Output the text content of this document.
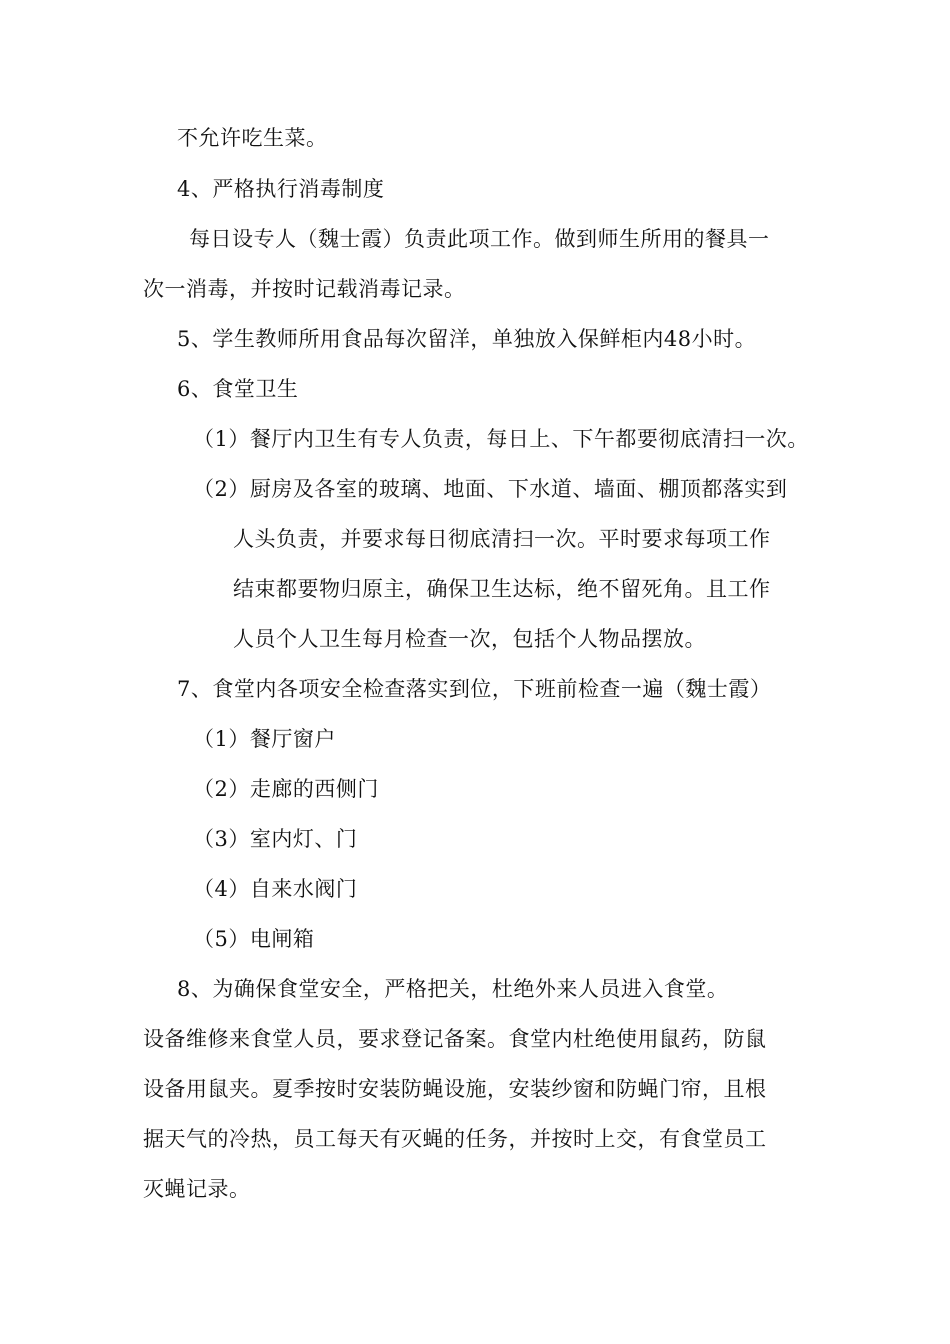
不允许吃生菜。
4、严格执行消毒制度
每日设专人（魏士霞）负责此项工作。做到师生所用的餐具一
次一消毒，并按时记载消毒记录。
5、学生教师所用食品每次留洋，单独放入保鲜柜内48小时。
6、食堂卫生
（1）餐厅内卫生有专人负责，每日上、下午都要彻底清扫一次。
（2）厨房及各室的玻璃、地面、下水道、墙面、棚顶都落实到
人头负责，并要求每日彻底清扫一次。平时要求每项工作
结束都要物归原主，确保卫生达标，绝不留死角。且工作
人员个人卫生每月检查一次，包括个人物品摆放。
7、食堂内各项安全检查落实到位，下班前检查一遍（魏士霞）
（1）餐厅窗户
（2）走廊的西侧门
（3）室内灯、门
（4）自来水阀门
（5）电闸箱
8、为确保食堂安全，严格把关，杜绝外来人员进入食堂。
设备维修来食堂人员，要求登记备案。食堂内杜绝使用鼠药，防鼠
设备用鼠夹。夏季按时安装防蝇设施，安装纱窗和防蝇门帘，且根
据天气的冷热，员工每天有灭蝇的任务，并按时上交，有食堂员工
灭蝇记录。
